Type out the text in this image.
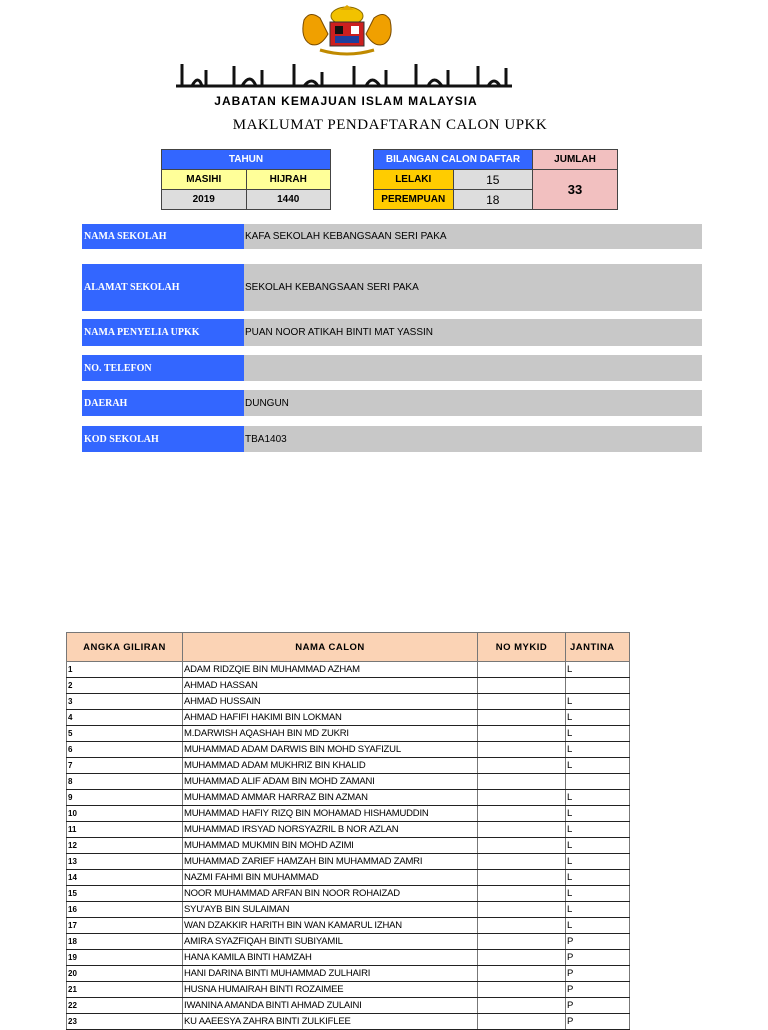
JABATAN KEMAJUAN ISLAM MALAYSIA
MAKLUMAT PENDAFTARAN CALON UPKK
TAHUN	
MASIHI	HIJRAH
2019	1440
BILANGAN CALON DAFTAR		JUMLAH
LELAKI	15	33
PEREMPUAN	18	
NAMA SEKOLAH	KAFA SEKOLAH KEBANGSAAN SERI PAKA
ALAMAT SEKOLAH	SEKOLAH KEBANGSAAN SERI PAKA
NAMA PENYELIA UPKK	PUAN NOOR ATIKAH BINTI MAT YASSIN
NO. TELEFON
DAERAH	DUNGUN
KOD SEKOLAH	TBA1403
ANGKA GILIRAN	NAMA CALON	NO MYKID	JANTINA
1	ADAM RIDZQIE BIN MUHAMMAD AZHAM		L
2	AHMAD HASSAN		
3	AHMAD HUSSAIN		L
4	AHMAD HAFIFI HAKIMI BIN LOKMAN		L
5	M.DARWISH AQASHAH BIN MD ZUKRI		L
6	MUHAMMAD ADAM DARWIS BIN MOHD SYAFIZUL		L
7	MUHAMMAD ADAM MUKHRIZ BIN KHALID		L
8	MUHAMMAD ALIF ADAM BIN MOHD ZAMANI		
9	MUHAMMAD AMMAR HARRAZ BIN AZMAN		L
10	MUHAMMAD HAFIY RIZQ BIN MOHAMAD HISHAMUDDIN		L
11	MUHAMMAD IRSYAD NORSYAZRIL B NOR AZLAN		L
12	MUHAMMAD MUKMIN BIN MOHD AZIMI		L
13	MUHAMMAD ZARIEF HAMZAH BIN MUHAMMAD ZAMRI		L
14	NAZMI FAHMI BIN MUHAMMAD		L
15	NOOR MUHAMMAD ARFAN BIN NOOR ROHAIZAD		L
16	SYU'AYB BIN SULAIMAN		L
17	WAN DZAKKIR HARITH BIN WAN KAMARUL IZHAN		L
18	AMIRA SYAZFIQAH BINTI SUBIYAMIL		P
19	HANA KAMILA BINTI HAMZAH		P
20	HANI DARINA BINTI MUHAMMAD ZULHAIRI		P
21	HUSNA HUMAIRAH BINTI ROZAIMEE		P
22	IWANINA AMANDA BINTI AHMAD ZULAINI		P
23	KU AAEESYA ZAHRA BINTI ZULKIFLEE		P
